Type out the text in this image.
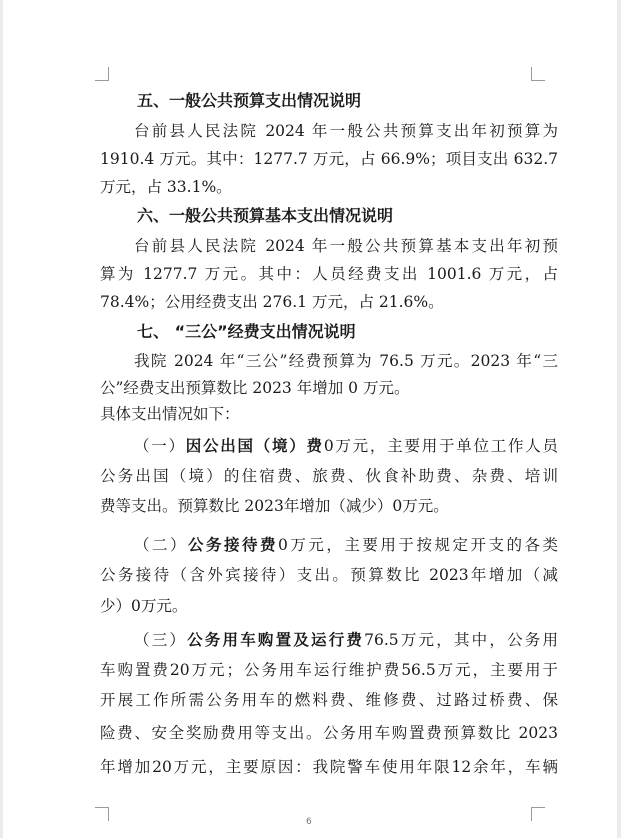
五、一般公共预算支出情况说明
台前县人民法院 2024 年一般公共预算支出年初预算为
1910.4 万元。其中：1277.7 万元，占 66.9%；项目支出 632.7
万元，占 33.1%。
六、一般公共预算基本支出情况说明
台前县人民法院 2024 年一般公共预算基本支出年初预
算为 1277.7 万元。其中：人员经费支出 1001.6 万元，占
78.4%；公用经费支出 276.1 万元，占 21.6%。
七、 “三公”经费支出情况说明
我院 2024 年“三公”经费预算为 76.5 万元。2023 年“三
公”经费支出预算数比 2023 年增加 0 万元。
具体支出情况如下：
（一）因公出国（境）费0万元，主要用于单位工作人员
公务出国（境）的住宿费、旅费、伙食补助费、杂费、培训
费等支出。预算数比 2023年增加（减少）0万元。
（二）公务接待费0万元，主要用于按规定开支的各类
公务接待（含外宾接待）支出。预算数比 2023年增加（减
少）0万元。
（三）公务用车购置及运行费76.5万元，其中，公务用
车购置费20万元；公务用车运行维护费56.5万元，主要用于
开展工作所需公务用车的燃料费、维修费、过路过桥费、保
险费、安全奖励费用等支出。公务用车购置费预算数比 2023
年增加20万元，主要原因：我院警车使用年限12余年，车辆
6
